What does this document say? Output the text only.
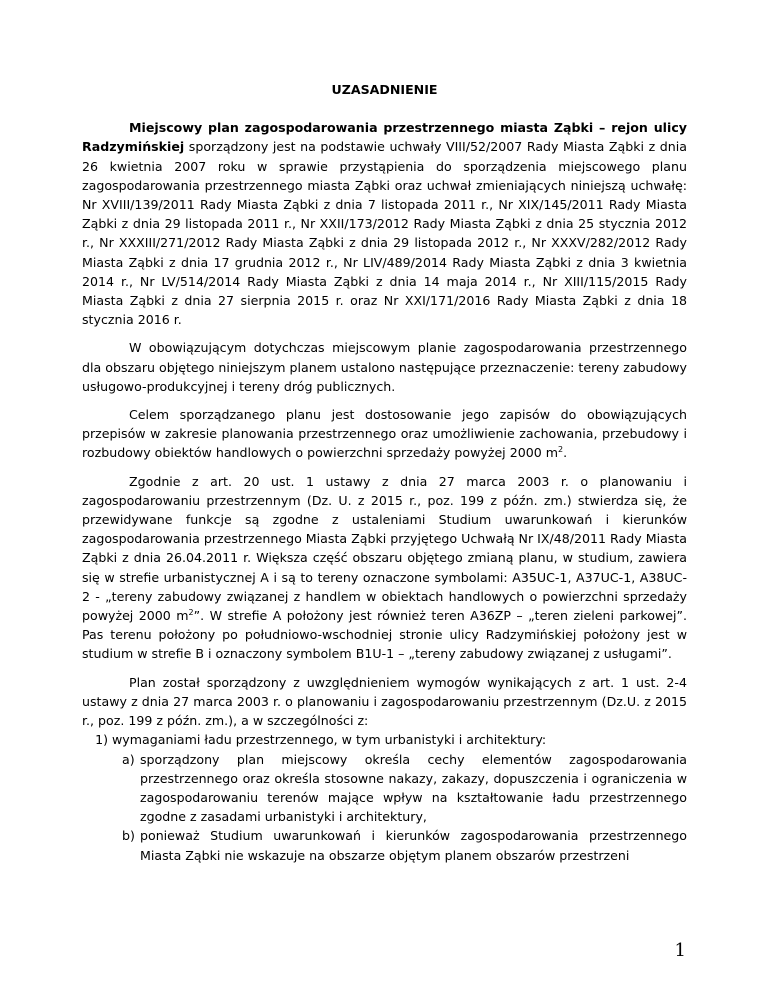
UZASADNIENIE

Miejscowy plan zagospodarowania przestrzennego miasta Ząbki – rejon ulicy Radzymińskiej sporządzony jest na podstawie uchwały VIII/52/2007 Rady Miasta Ząbki z dnia 26 kwietnia 2007 roku w sprawie przystąpienia do sporządzenia miejscowego planu zagospodarowania przestrzennego miasta Ząbki oraz uchwał zmieniających niniejszą uchwałę: Nr XVIII/139/2011 Rady Miasta Ząbki z dnia 7 listopada 2011 r., Nr XIX/145/2011 Rady Miasta Ząbki z dnia 29 listopada 2011 r., Nr XXII/173/2012 Rady Miasta Ząbki z dnia 25 stycznia 2012 r., Nr XXXIII/271/2012 Rady Miasta Ząbki z dnia 29 listopada 2012 r., Nr XXXV/282/2012 Rady Miasta Ząbki z dnia 17 grudnia 2012 r., Nr LIV/489/2014 Rady Miasta Ząbki z dnia 3 kwietnia 2014 r., Nr LV/514/2014 Rady Miasta Ząbki z dnia 14 maja 2014 r., Nr XIII/115/2015 Rady Miasta Ząbki z dnia 27 sierpnia 2015 r. oraz Nr XXI/171/2016 Rady Miasta Ząbki z dnia 18 stycznia 2016 r.

W obowiązującym dotychczas miejscowym planie zagospodarowania przestrzennego dla obszaru objętego niniejszym planem ustalono następujące przeznaczenie: tereny zabudowy usługowo-produkcyjnej i tereny dróg publicznych.

Celem sporządzanego planu jest dostosowanie jego zapisów do obowiązujących przepisów w zakresie planowania przestrzennego oraz umożliwienie zachowania, przebudowy i rozbudowy obiektów handlowych o powierzchni sprzedaży powyżej 2000 $m^2$.

Zgodnie z art. 20 ust. 1 ustawy z dnia 27 marca 2003 r. o planowaniu i zagospodarowaniu przestrzennym (Dz. U. z 2015 r., poz. 199 z późn. zm.) stwierdza się, że przewidywane funkcje są zgodne z ustaleniami Studium uwarunkowań i kierunków zagospodarowania przestrzennego Miasta Ząbki przyjętego Uchwałą Nr IX/48/2011 Rady Miasta Ząbki z dnia 26.04.2011 r. Większa część obszaru objętego zmianą planu, w studium, zawiera się w strefie urbanistycznej A i są to tereny oznaczone symbolami: A35UC-1, A37UC-1, A38UC-2 - „tereny zabudowy związanej z handlem w obiektach handlowych o powierzchni sprzedaży powyżej 2000 $m^2$”. W strefie A położony jest również teren A36ZP – „teren zieleni parkowej”. Pas terenu położony po południowo-wschodniej stronie ulicy Radzymińskiej położony jest w studium w strefie B i oznaczony symbolem B1U-1 – „tereny zabudowy związanej z usługami”.

Plan został sporządzony z uwzględnieniem wymogów wynikających z art. 1 ust. 2-4 ustawy z dnia 27 marca 2003 r. o planowaniu i zagospodarowaniu przestrzennym (Dz.U. z 2015 r., poz. 199 z późn. zm.), a w szczególności z:

1) wymaganiami ładu przestrzennego, w tym urbanistyki i architektury:
a) sporządzony plan miejscowy określa cechy elementów zagospodarowania przestrzennego oraz określa stosowne nakazy, zakazy, dopuszczenia i ograniczenia w zagospodarowaniu terenów mające wpływ na kształtowanie ładu przestrzennego zgodne z zasadami urbanistyki i architektury,
b) ponieważ Studium uwarunkowań i kierunków zagospodarowania przestrzennego Miasta Ząbki nie wskazuje na obszarze objętym planem obszarów przestrzeni
1
